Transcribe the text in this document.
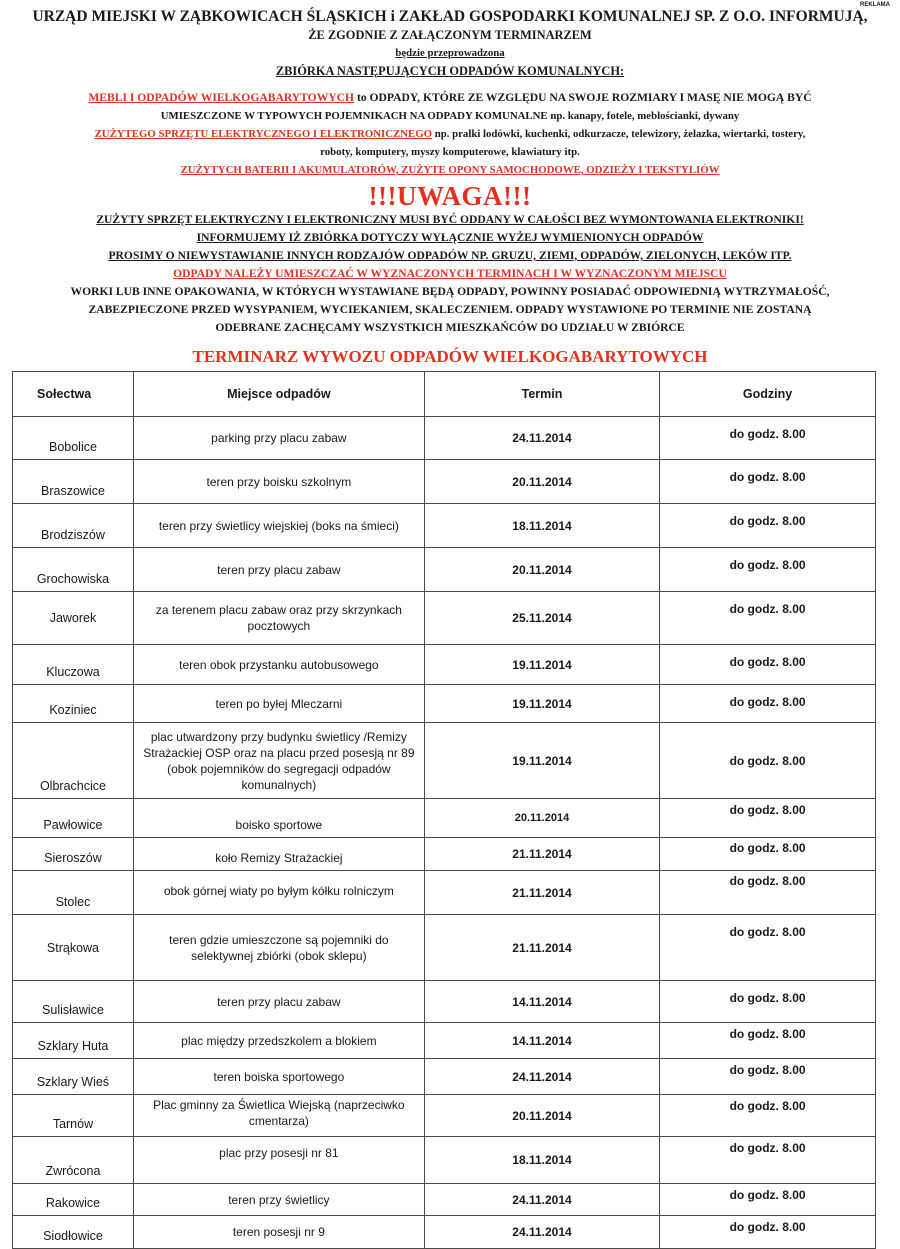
REKLAMA
URZĄD MIEJSKI W ZĄBKOWICACH ŚLĄSKICH i ZAKŁAD GOSPODARKI KOMUNALNEJ SP. Z O.O. INFORMUJĄ,
ŻE ZGODNIE Z ZAŁĄCZONYM TERMINARZEM
będzie przeprowadzona
ZBIÓRKA NASTĘPUJĄCYCH ODPADÓW KOMUNALNYCH:
MEBLI I ODPADÓW WIELKOGABARYTOWYCH to ODPADY, KTÓRE ZE WZGLĘDU NA SWOJE ROZMIARY I MASĘ NIE MOGĄ BYĆ
UMIESZCZONE W TYPOWYCH POJEMNIKACH NA ODPADY KOMUNALNE np. kanapy, fotele, meblościanki, dywany
ZUŻYTEGO SPRZĘTU ELEKTRYCZNEGO I ELEKTRONICZNEGO np. pralki lodówki, kuchenki, odkurzacze, telewizory, żelazka, wiertarki, tostery,
roboty, komputery, myszy komputerowe, klawiatury itp.
ZUŻYTYCH BATERII I AKUMULATORÓW, ZUŻYTE OPONY SAMOCHODOWE, ODZIEŻY I TEKSTYLIÓW
!!!UWAGA!!!
ZUŻYTY SPRZĘT ELEKTRYCZNY I ELEKTRONICZNY MUSI BYĆ ODDANY W CAŁOŚCI BEZ WYMONTOWANIA ELEKTRONIKI!
INFORMUJEMY IŻ ZBIÓRKA DOTYCZY WYŁĄCZNIE WYŻEJ WYMIENIONYCH ODPADÓW
PROSIMY O NIEWYSTAWIANIE INNYCH RODZAJÓW ODPADÓW NP. GRUZU, ZIEMI, ODPADÓW, ZIELONYCH, LEKÓW ITP.
ODPADY NALEŻY UMIESZCZAĆ W WYZNACZONYCH TERMINACH I W WYZNACZONYM MIEJSCU
WORKI LUB INNE OPAKOWANIA, W KTÓRYCH WYSTAWIANE BĘDĄ ODPADY, POWINNY POSIADAĆ ODPOWIEDNIĄ WYTRZYMAŁOŚĆ,
ZABEZPIECZONE PRZED WYSYPANIEM, WYCIEKANIEM, SKALECZENIEM. ODPADY WYSTAWIONE PO TERMINIE NIE ZOSTANĄ
ODEBRANE ZACHĘCAMY WSZYSTKICH MIESZKAŃCÓW DO UDZIAŁU W ZBIÓRCE
TERMINARZ WYWOZU ODPADÓW WIELKOGABARYTOWYCH
Sołectwa	Miejsce odpadów	Termin	Godziny
Bobolice	parking przy placu zabaw	24.11.2014	do godz. 8.00
Braszowice	teren przy boisku szkolnym	20.11.2014	do godz. 8.00
Brodziszów	teren przy świetlicy wiejskiej (boks na śmieci)	18.11.2014	do godz. 8.00
Grochowiska	teren przy placu zabaw	20.11.2014	do godz. 8.00
Jaworek	za terenem placu zabaw oraz przy skrzynkach pocztowych	25.11.2014	do godz. 8.00
Kluczowa	teren obok przystanku autobusowego	19.11.2014	do godz. 8.00
Koziniec	teren po byłej Mleczarni	19.11.2014	do godz. 8.00
Olbrachcice	plac utwardzony przy budynku świetlicy /Remizy Strażackiej OSP oraz na placu przed posesją nr 89 (obok pojemników do segregacji odpadów komunalnych)	19.11.2014	do godz. 8.00
Pawłowice	boisko sportowe	20.11.2014	do godz. 8.00
Sieroszów	koło Remizy Strażackiej	21.11.2014	do godz. 8.00
Stolec	obok górnej wiaty po byłym kółku rolniczym	21.11.2014	do godz. 8.00
Strąkowa	teren gdzie umieszczone są pojemniki do selektywnej zbiórki (obok sklepu)	21.11.2014	do godz. 8.00
Sulisławice	teren przy placu zabaw	14.11.2014	do godz. 8.00
Szklary Huta	plac między przedszkolem a blokiem	14.11.2014	do godz. 8.00
Szklary Wieś	teren boiska sportowego	24.11.2014	do godz. 8.00
Tarnów	Plac gminny za Świetlica Wiejską (naprzeciwko cmentarza)	20.11.2014	do godz. 8.00
Zwrócona	plac przy posesji nr 81	18.11.2014	do godz. 8.00
Rakowice	teren przy świetlicy	24.11.2014	do godz. 8.00
Siodłowice	teren posesji nr 9	24.11.2014	do godz. 8.00
